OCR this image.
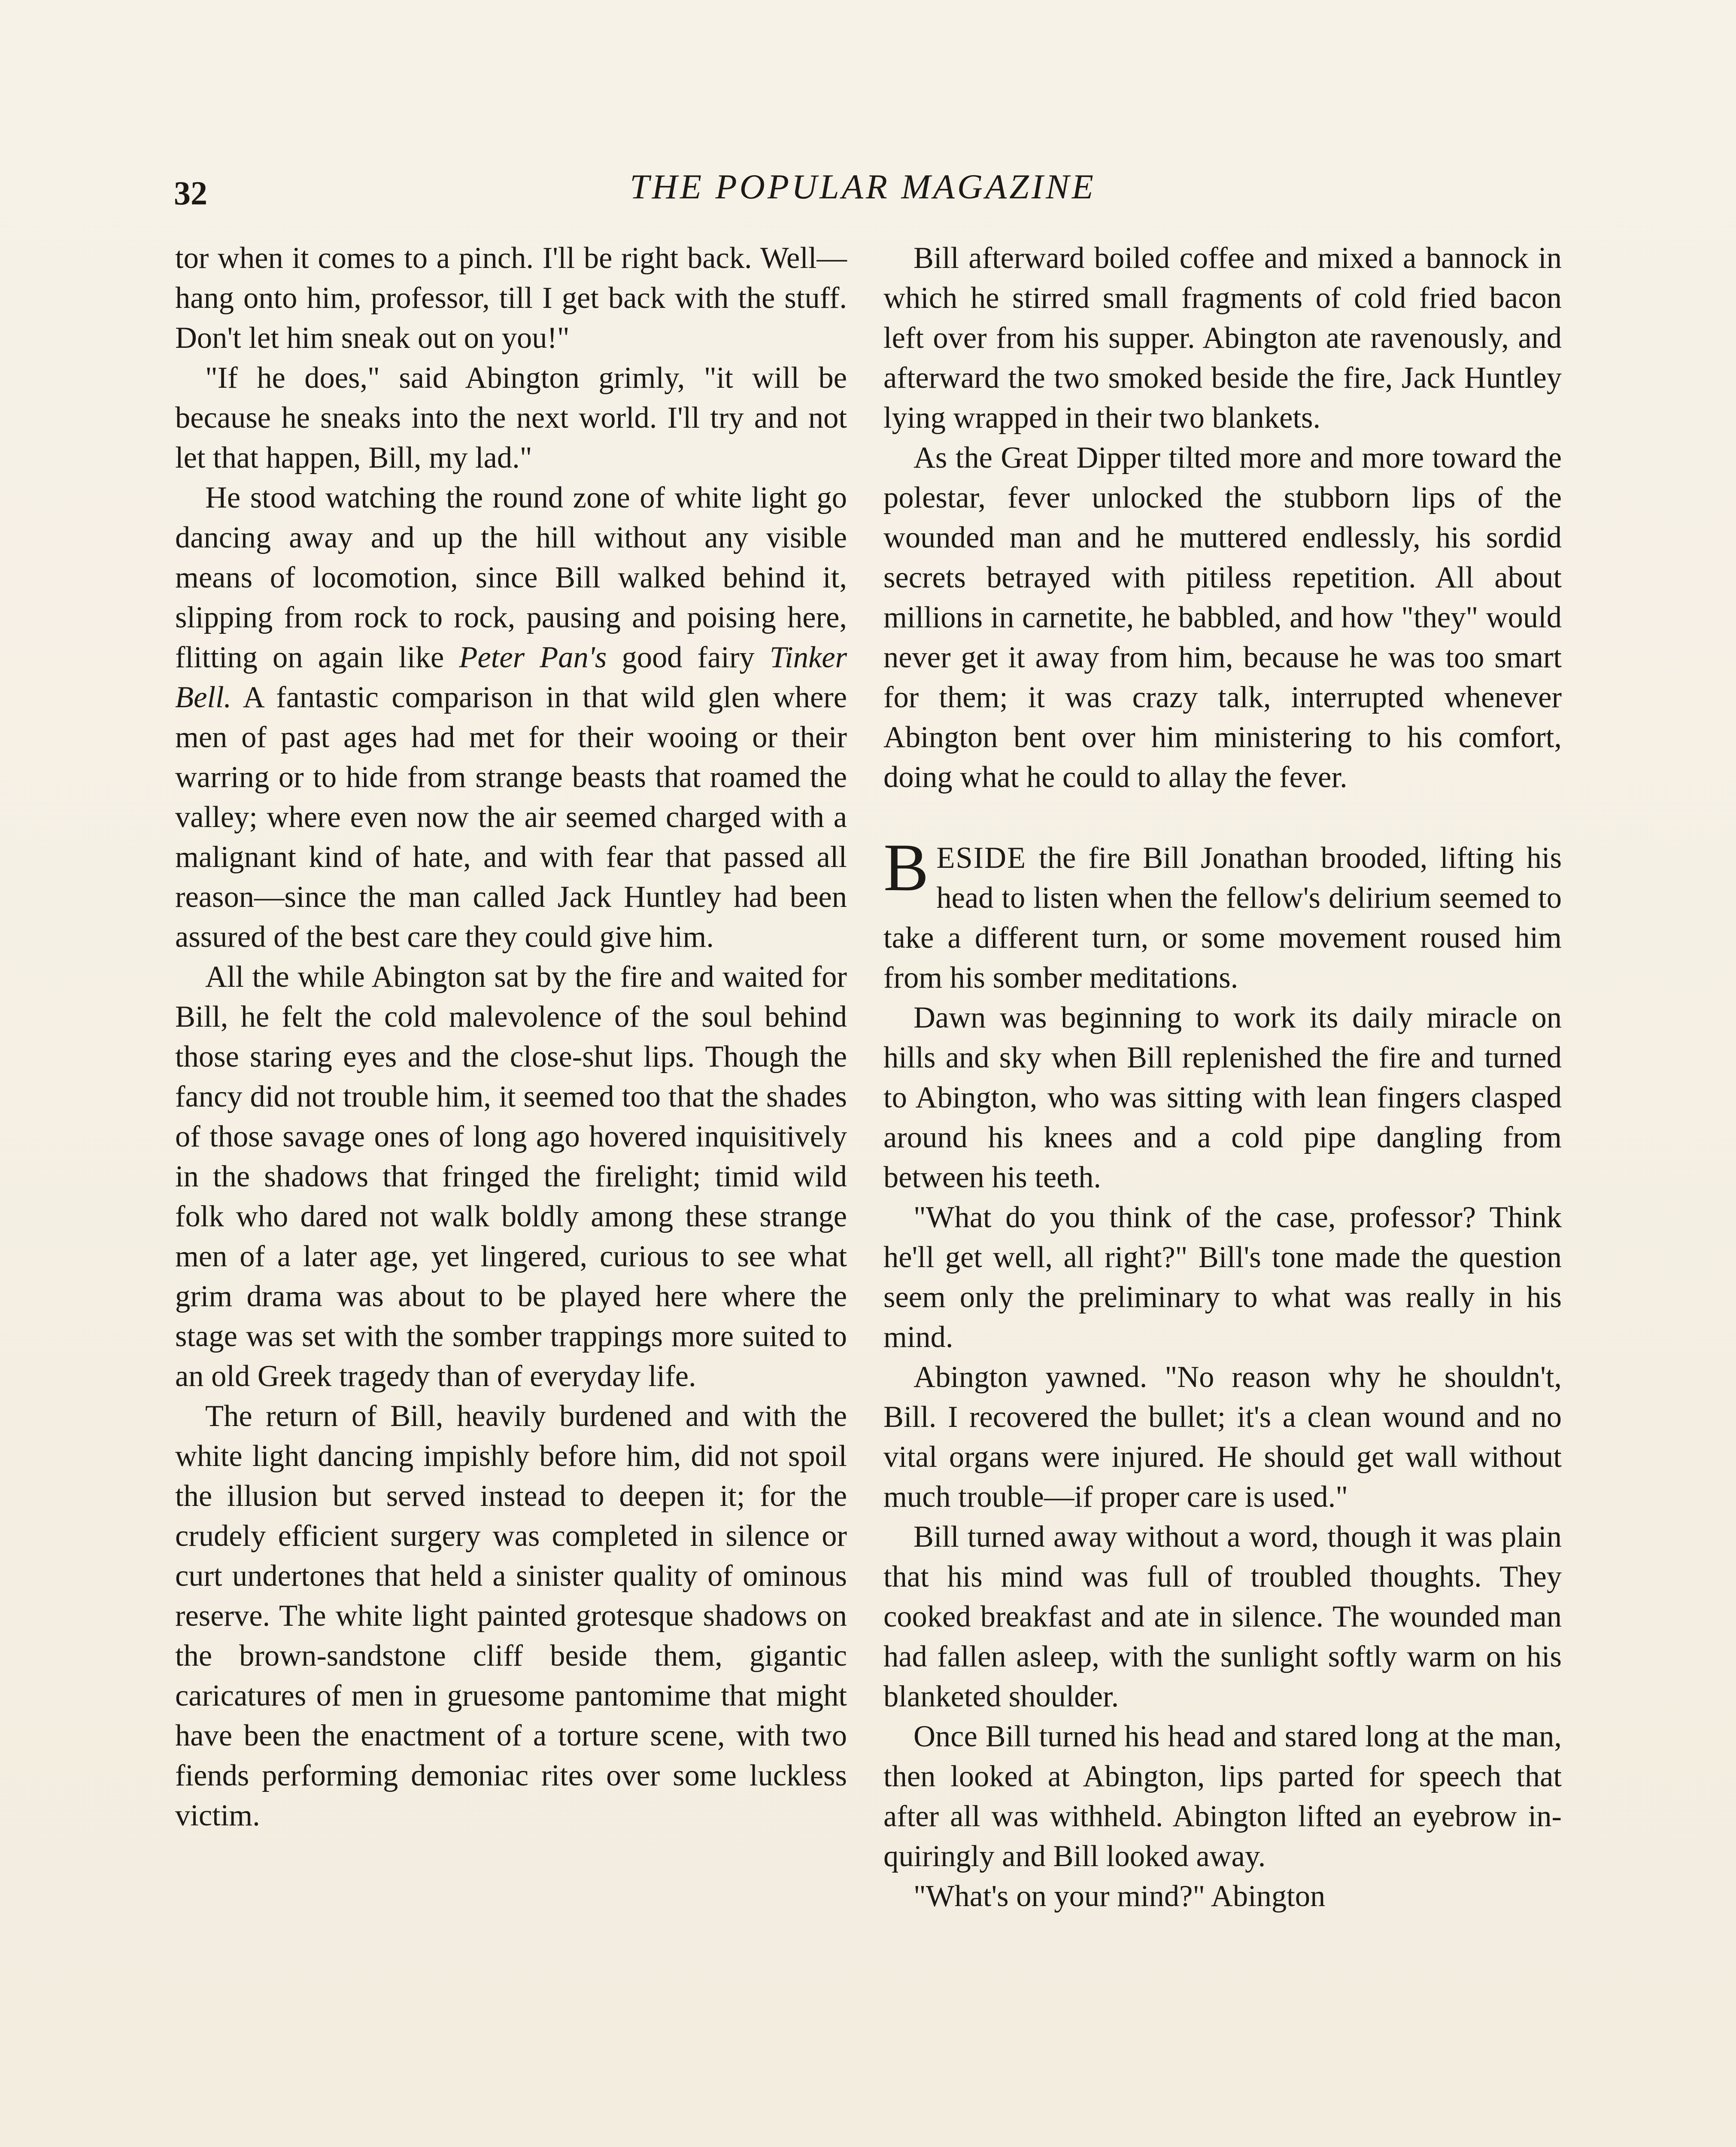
32	THE POPULAR MAGAZINE

tor when it comes to a pinch. I'll be right back. Well—hang onto him, professor, till I get back with the stuff. Don't let him sneak out on you!"

"If he does," said Abington grimly, "it will be because he sneaks into the next world. I'll try and not let that happen, Bill, my lad."

He stood watching the round zone of white light go dancing away and up the hill without any visible means of locomotion, since Bill walked behind it, slipping from rock to rock, pausing and poising here, flitting on again like Peter Pan's good fairy Tinker Bell. A fantastic comparison in that wild glen where men of past ages had met for their wooing or their warring or to hide from strange beasts that roamed the valley; where even now the air seemed charged with a malignant kind of hate, and with fear that passed all reason—since the man called Jack Huntley had been assured of the best care they could give him.

All the while Abington sat by the fire and waited for Bill, he felt the cold malevolence of the soul behind those staring eyes and the close-shut lips. Though the fancy did not trouble him, it seemed too that the shades of those savage ones of long ago hovered inquisitively in the shadows that fringed the firelight; timid wild folk who dared not walk boldly among these strange men of a later age, yet lingered, curious to see what grim drama was about to be played here where the stage was set with the somber trappings more suited to an old Greek tragedy than of everyday life.

The return of Bill, heavily burdened and with the white light dancing impishly before him, did not spoil the illusion but served instead to deepen it; for the crudely efficient surgery was completed in silence or curt undertones that held a sinister quality of ominous reserve. The white light painted grotesque shadows on the brown-sandstone cliff beside them, gigantic caricatures of men in gruesome pantomime that might have been the enactment of a torture scene, with two fiends performing demoniac rites over some luckless victim.

Bill afterward boiled coffee and mixed a bannock in which he stirred small fragments of cold fried bacon left over from his supper. Abington ate ravenously, and afterward the two smoked beside the fire, Jack Huntley lying wrapped in their two blankets.

As the Great Dipper tilted more and more toward the polestar, fever unlocked the stubborn lips of the wounded man and he muttered endlessly, his sordid secrets betrayed with pitiless repetition. All about millions in carnetite, he babbled, and how "they" would never get it away from him, because he was too smart for them; it was crazy talk, interrupted whenever Abington bent over him ministering to his comfort, doing what he could to allay the fever.

BESIDE the fire Bill Jonathan brooded, lifting his head to listen when the fellow's delirium seemed to take a different turn, or some movement roused him from his somber meditations.

Dawn was beginning to work its daily miracle on hills and sky when Bill replenished the fire and turned to Abington, who was sitting with lean fingers clasped around his knees and a cold pipe dangling from between his teeth.

"What do you think of the case, professor? Think he'll get well, all right?" Bill's tone made the question seem only the preliminary to what was really in his mind.

Abington yawned. "No reason why he shouldn't, Bill. I recovered the bullet; it's a clean wound and no vital organs were injured. He should get wall without much trouble—if proper care is used."

Bill turned away without a word, though it was plain that his mind was full of troubled thoughts. They cooked breakfast and ate in silence. The wounded man had fallen asleep, with the sunlight softly warm on his blanketed shoulder.

Once Bill turned his head and stared long at the man, then looked at Abington, lips parted for speech that after all was withheld. Abington lifted an eyebrow inquiringly and Bill looked away.

"What's on your mind?" Abington
